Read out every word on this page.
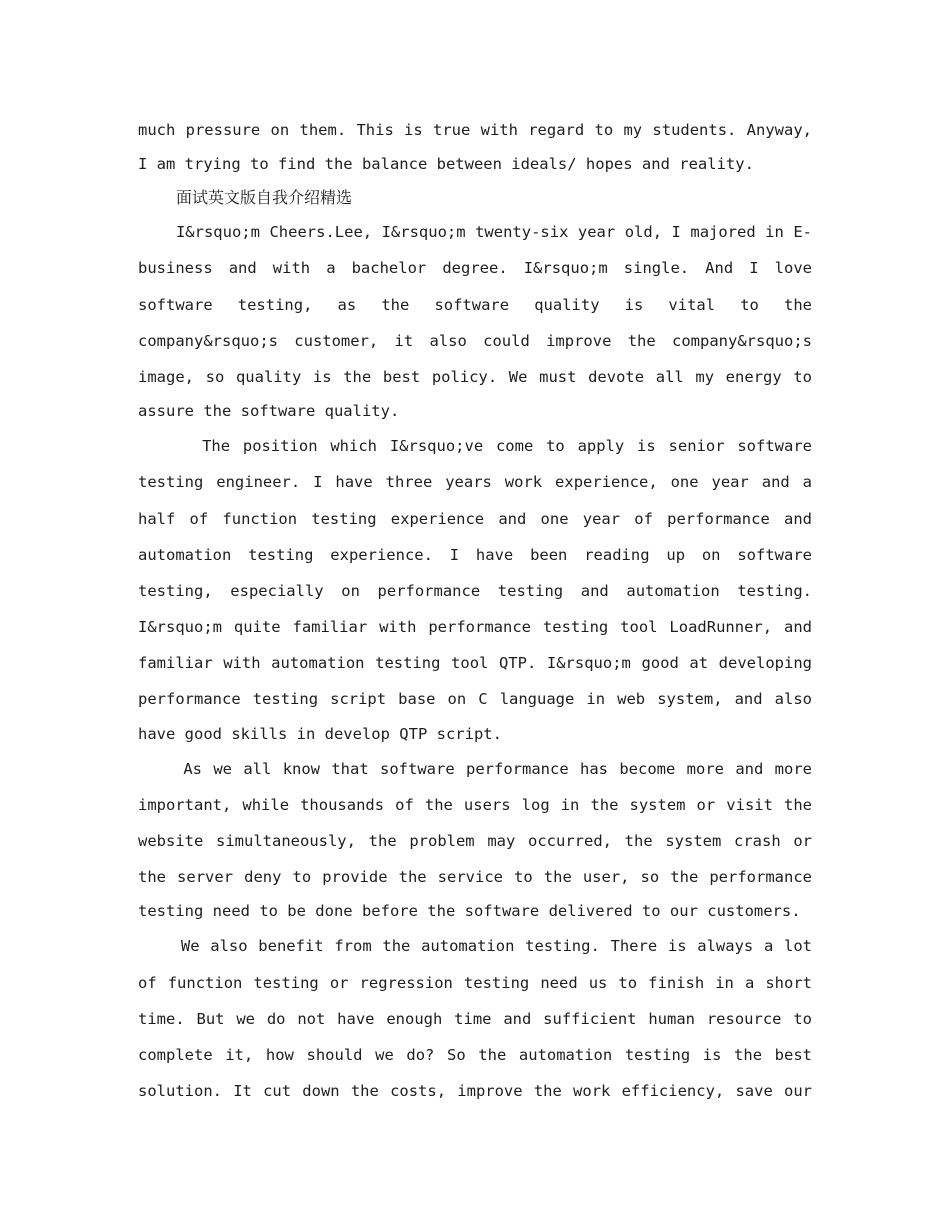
much pressure on them. This is true with regard to my students. Anyway,
I am trying to find the balance between ideals/ hopes and reality.
面试英文版自我介绍精选
I&rsquo;m Cheers.Lee, I&rsquo;m twenty-six year old, I majored in E-
business and with a bachelor degree. I&rsquo;m single. And I love
software testing, as the software quality is vital to the
company&rsquo;s customer, it also could improve the company&rsquo;s
image, so quality is the best policy. We must devote all my energy to
assure the software quality.
The position which I&rsquo;ve come to apply is senior software
testing engineer. I have three years work experience, one year and a
half of function testing experience and one year of performance and
automation testing experience. I have been reading up on software
testing, especially on performance testing and automation testing.
I&rsquo;m quite familiar with performance testing tool LoadRunner, and
familiar with automation testing tool QTP. I&rsquo;m good at developing
performance testing script base on C language in web system, and also
have good skills in develop QTP script.
As we all know that software performance has become more and more
important, while thousands of the users log in the system or visit the
website simultaneously, the problem may occurred, the system crash or
the server deny to provide the service to the user, so the performance
testing need to be done before the software delivered to our customers.
We also benefit from the automation testing. There is always a lot
of function testing or regression testing need us to finish in a short
time. But we do not have enough time and sufficient human resource to
complete it, how should we do? So the automation testing is the best
solution. It cut down the costs, improve the work efficiency, save our
